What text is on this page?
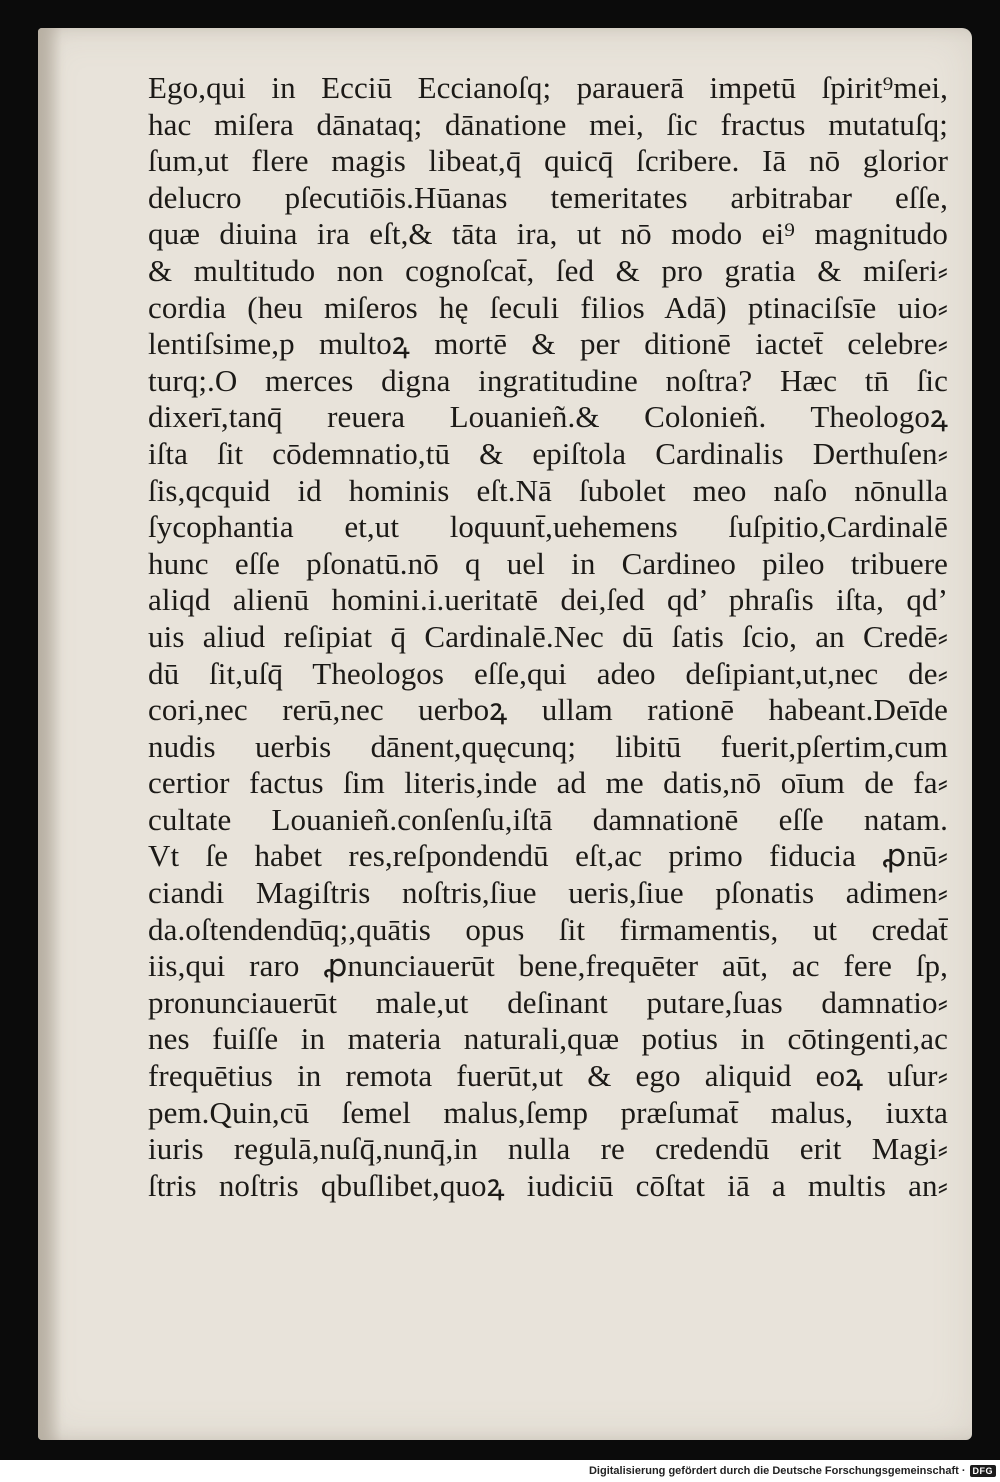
Ego,qui in Ecciū Eccianoſq; parauerā impetū ſpirit⁹mei,
hac miſera dānataq; dānatione mei, ſic fractus mutatuſq;
ſum,ut flere magis libeat,q̄ quicq̄ ſcribere. Iā nō glorior
delucro pſecutiōis.Hūanas temeritates arbitrabar eſſe,
quæ diuina ira eſt,& tāta ira, ut nō modo ei⁹ magnitudo
& multitudo non cognoſcat̄, ſed & pro gratia & miſeri⸗
cordia (heu miſeros hę ſeculi filios Adā) ptinaciſsīe uio⸗
lentiſsime,p multoꝝ mortē & per ditionē iactet̄ celebre⸗
turq;.O merces digna ingratitudine noſtra? Hæc tn̄ ſic
dixerī,tanq̄ reuera Louanieñ.& Colonieñ. Theologoꝝ
iſta ſit cōdemnatio,tū & epiſtola Cardinalis Derthuſen⸗
ſis,qcquid id hominis eſt.Nā ſubolet meo naſo nōnulla
ſycophantia et,ut loquunt̄,uehemens ſuſpitio,Cardinalē
hunc eſſe pſonatū.nō q uel in Cardineo pileo tribuere
aliqd alienū homini.i.ueritatē dei,ſed qd’ phraſis iſta, qd’
uis aliud reſipiat q̄ Cardinalē.Nec dū ſatis ſcio, an Credē⸗
dū ſit,uſq̄ Theologos eſſe,qui adeo deſipiant,ut,nec de⸗
cori,nec rerū,nec uerboꝝ ullam rationē habeant.Deīde
nudis uerbis dānent,quęcunq; libitū fuerit,pſertim,cum
certior factus ſim literis,inde ad me datis,nō oīum de fa⸗
cultate Louanieñ.conſenſu,iſtā damnationē eſſe natam.
Vt ſe habet res,reſpondendū eſt,ac primo fiducia ꝓnū⸗
ciandi Magiſtris noſtris,ſiue ueris,ſiue pſonatis adimen⸗
da.oſtendendūq;,quātis opus ſit firmamentis, ut credat̄
iis,qui raro ꝓnunciauerūt bene,frequēter aūt, ac fere ſp,
pronunciauerūt male,ut deſinant putare,ſuas damnatio⸗
nes fuiſſe in materia naturali,quæ potius in cōtingenti,ac
frequētius in remota fuerūt,ut & ego aliquid eoꝝ uſur⸗
pem.Quin,cū ſemel malus,ſemp præſumat̄ malus, iuxta
iuris regulā,nuſq̄,nunq̄,in nulla re credendū erit Magi⸗
ſtris noſtris qbuſlibet,quoꝝ iudiciū cōſtat iā a multis an⸗
Digitalisierung gefördert durch die Deutsche Forschungsgemeinschaft · DFG
